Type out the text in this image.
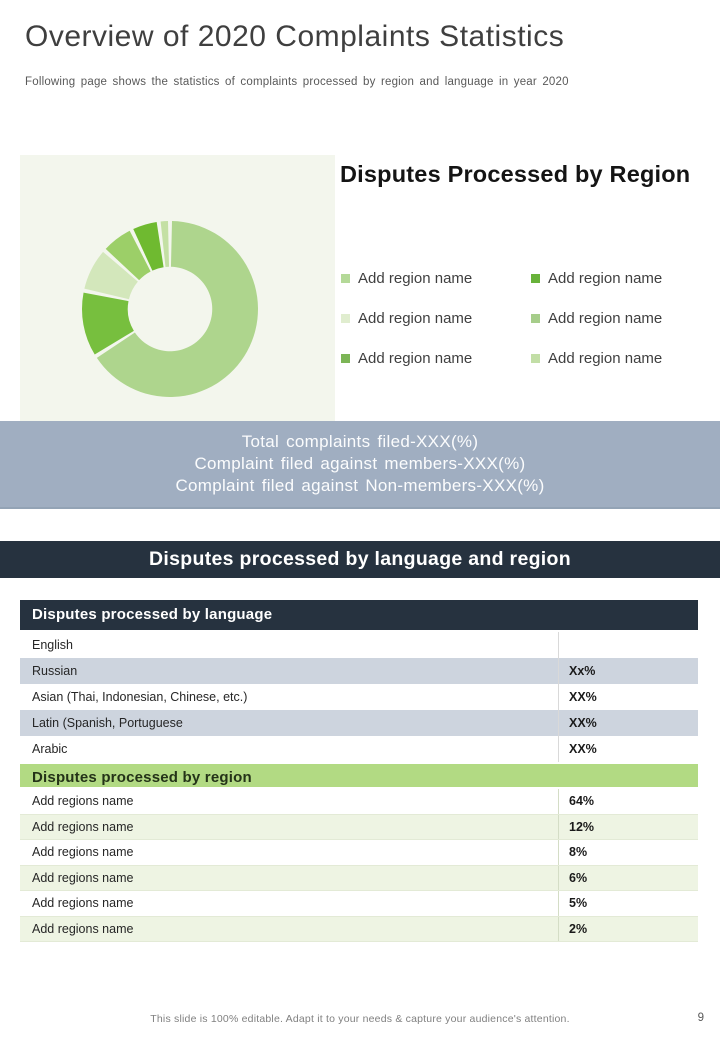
Overview of 2020 Complaints Statistics
Following page shows the statistics of complaints processed by region and language in year 2020
Disputes Processed by Region
Add region name	Add region name
Add region name	Add region name
Add region name	Add region name
Total complaints filed-XXX(%)
Complaint filed against members-XXX(%)
Complaint filed against Non-members-XXX(%)
Disputes processed by language and region
Disputes processed by language
English
Russian	Xx%
Asian (Thai, Indonesian, Chinese, etc.)	XX%
Latin (Spanish, Portuguese	XX%
Arabic	XX%
Disputes processed by region
Add regions name	64%
Add regions name	12%
Add regions name	8%
Add regions name	6%
Add regions name	5%
Add regions name	2%
This slide is 100% editable. Adapt it to your needs & capture your audience's attention.	9
